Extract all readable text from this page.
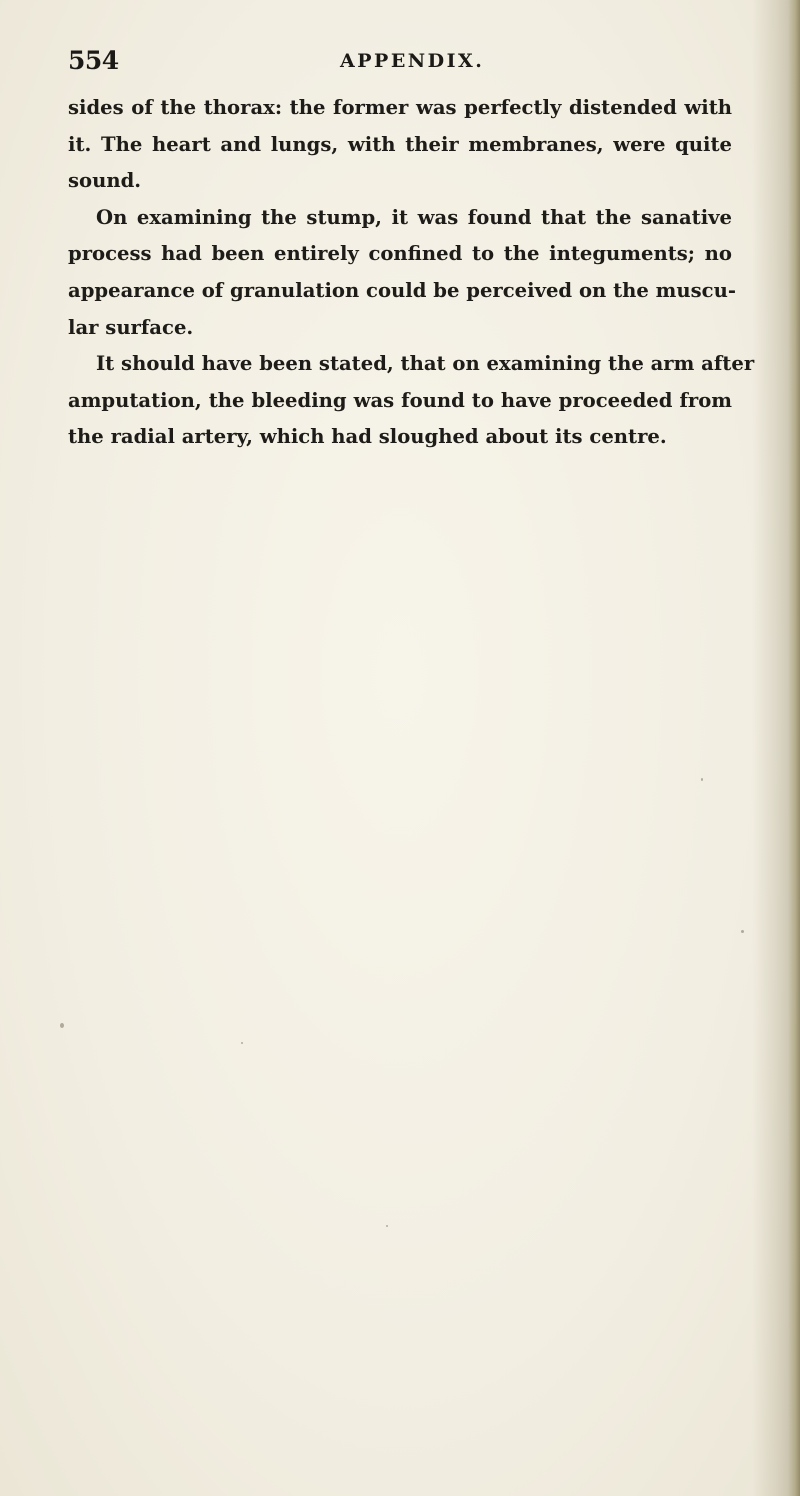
554	APPENDIX.
sides of the thorax: the former was perfectly distended with
it. The heart and lungs, with their membranes, were quite
sound.
On examining the stump, it was found that the sanative
process had been entirely confined to the integuments; no
appearance of granulation could be perceived on the muscu-
lar surface.
It should have been stated, that on examining the arm after
amputation, the bleeding was found to have proceeded from
the radial artery, which had sloughed about its centre.
